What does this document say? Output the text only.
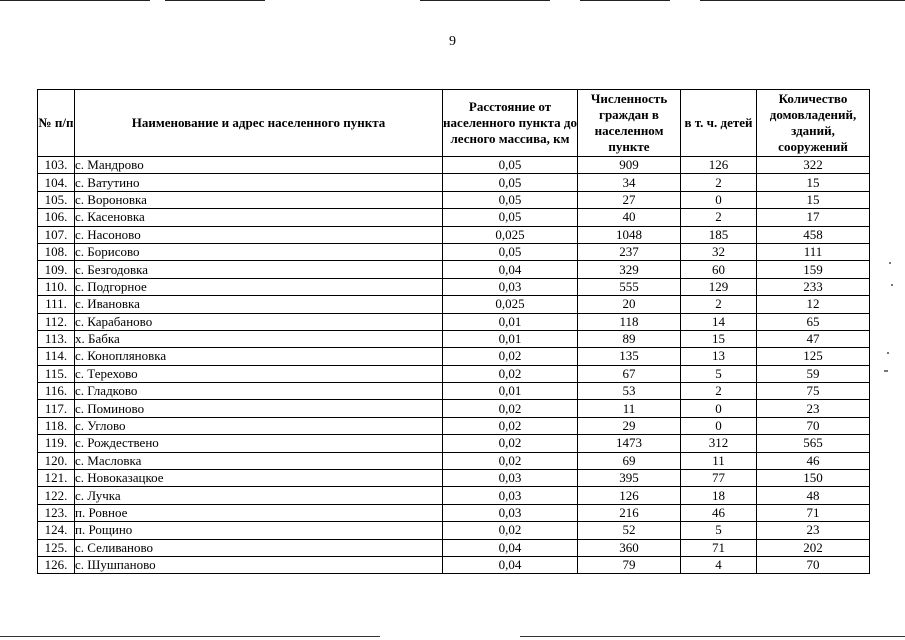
9
№ п/п	Наименование и адрес населенного пункта	Расстояние от населенного пункта до лесного массива, км	Численность граждан в населенном пункте	в т. ч. детей	Количество домовладений, зданий, сооружений
103.	с. Мандрово	0,05	909	126	322
104.	с. Ватутино	0,05	34	2	15
105.	с. Вороновка	0,05	27	0	15
106.	с. Касеновка	0,05	40	2	17
107.	с. Насоново	0,025	1048	185	458
108.	с. Борисово	0,05	237	32	111
109.	с. Безгодовка	0,04	329	60	159
110.	с. Подгорное	0,03	555	129	233
111.	с. Ивановка	0,025	20	2	12
112.	с. Карабаново	0,01	118	14	65
113.	х. Бабка	0,01	89	15	47
114.	с. Конопляновка	0,02	135	13	125
115.	с. Терехово	0,02	67	5	59
116.	с. Гладково	0,01	53	2	75
117.	с. Поминово	0,02	11	0	23
118.	с. Углово	0,02	29	0	70
119.	с. Рождествено	0,02	1473	312	565
120.	с. Масловка	0,02	69	11	46
121.	с. Новоказацкое	0,03	395	77	150
122.	с. Лучка	0,03	126	18	48
123.	п. Ровное	0,03	216	46	71
124.	п. Рощино	0,02	52	5	23
125.	с. Селиваново	0,04	360	71	202
126.	с. Шушпаново	0,04	79	4	70
